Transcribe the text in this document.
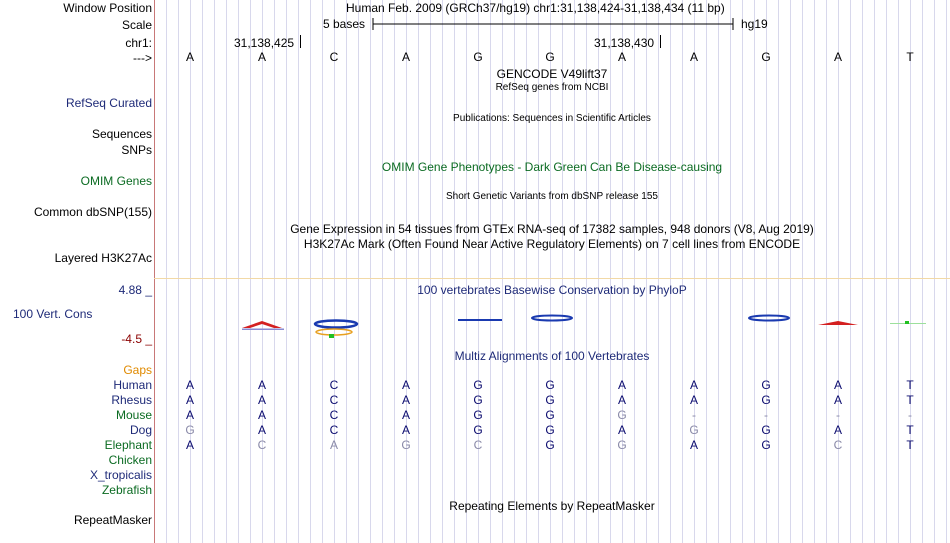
Window Position	Human Feb. 2009 (GRCh37/hg19) chr1:31,138,424-31,138,434 (11 bp)
Scale	5 bases	hg19
chr1:	31,138,425	31,138,430
--->	A	A	C	A	G	G	A	A	G	A	T
GENCODE V49lift37
RefSeq genes from NCBI
RefSeq Curated
Publications: Sequences in Scientific Articles
Sequences
SNPs
OMIM Gene Phenotypes - Dark Green Can Be Disease-causing
OMIM Genes
Short Genetic Variants from dbSNP release 155
Common dbSNP(155)
Gene Expression in 54 tissues from GTEx RNA-seq of 17382 samples, 948 donors (V8, Aug 2019)
H3K27Ac Mark (Often Found Near Active Regulatory Elements) on 7 cell lines from ENCODE
Layered H3K27Ac
4.88 _	100 vertebrates Basewise Conservation by PhyloP
100 Vert. Cons
-4.5 _
Multiz Alignments of 100 Vertebrates
Gaps
Human	A	A	C	A	G	G	A	A	G	A	T
Rhesus	A	A	C	A	G	G	A	A	G	A	T
Mouse	A	A	C	A	G	G	G	-	-	-	-
Dog	G	A	C	A	G	G	A	G	G	A	T
Elephant	A	C	A	G	C	G	G	A	G	C	T
Chicken
X_tropicalis
Zebrafish
Repeating Elements by RepeatMasker
RepeatMasker
